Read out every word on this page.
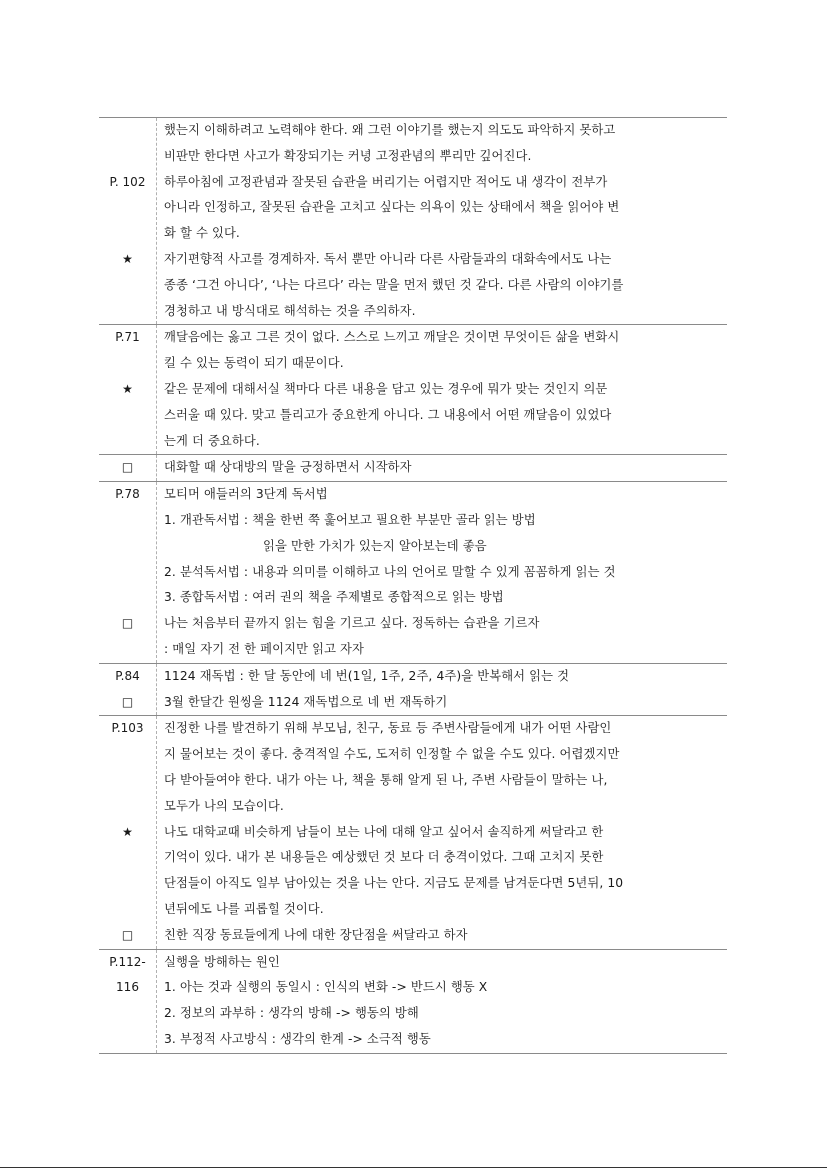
P. 102
★
했는지 이해하려고 노력해야 한다. 왜 그런 이야기를 했는지 의도도 파악하지 못하고
비판만 한다면 사고가 확장되기는 커녕 고정관념의 뿌리만 깊어진다.
하루아침에 고정관념과 잘못된 습관을 버리기는 어렵지만 적어도 내 생각이 전부가
아니라 인정하고, 잘못된 습관을 고치고 싶다는 의욕이 있는 상태에서 책을 읽어야 변
화 할 수 있다.
자기편향적 사고를 경계하자. 독서 뿐만 아니라 다른 사람들과의 대화속에서도 나는
종종 ‘그건 아니다’, ‘나는 다르다’ 라는 말을 먼저 했던 것 같다. 다른 사람의 이야기를
경청하고 내 방식대로 해석하는 것을 주의하자.
P.71
★
깨달음에는 옳고 그른 것이 없다. 스스로 느끼고 깨달은 것이면 무엇이든 삶을 변화시
킬 수 있는 동력이 되기 때문이다.
같은 문제에 대해서실 책마다 다른 내용을 담고 있는 경우에 뭐가 맞는 것인지 의문
스러울 때 있다. 맞고 틀리고가 중요한게 아니다. 그 내용에서 어떤 깨달음이 있었다
는게 더 중요하다.
□	대화할 때 상대방의 말을 긍정하면서 시작하자
P.78
□
모티머 애들러의 3단계 독서법
1. 개관독서법 : 책을 한번 쭉 훑어보고 필요한 부분만 골라 읽는 방법
읽을 만한 가치가 있는지 알아보는데 좋음
2. 분석독서법 : 내용과 의미를 이해하고 나의 언어로 말할 수 있게 꼼꼼하게 읽는 것
3. 종합독서법 : 여러 권의 책을 주제별로 종합적으로 읽는 방법
나는 처음부터 끝까지 읽는 힘을 기르고 싶다. 정독하는 습관을 기르자
: 매일 자기 전 한 페이지만 읽고 자자
P.84
□
1124 재독법 : 한 달 동안에 네 번(1일, 1주, 2주, 4주)을 반복해서 읽는 것
3월 한달간 원씽을 1124 재독법으로 네 번 재독하기
P.103
★
□
진정한 나를 발견하기 위해 부모님, 친구, 동료 등 주변사람들에게 내가 어떤 사람인
지 물어보는 것이 좋다. 충격적일 수도, 도저히 인정할 수 없을 수도 있다. 어렵겠지만
다 받아들여야 한다. 내가 아는 나, 책을 통해 알게 된 나, 주변 사람들이 말하는 나,
모두가 나의 모습이다.
나도 대학교때 비슷하게 남들이 보는 나에 대해 알고 싶어서 솔직하게 써달라고 한
기억이 있다. 내가 본 내용들은 예상했던 것 보다 더 충격이었다. 그때 고치지 못한
단점들이 아직도 일부 남아있는 것을 나는 안다. 지금도 문제를 남겨둔다면 5년뒤, 10
년뒤에도 나를 괴롭힐 것이다.
친한 직장 동료들에게 나에 대한 장단점을 써달라고 하자
P.112-
116
실행을 방해하는 원인
1. 아는 것과 실행의 동일시 : 인식의 변화 -> 반드시 행동 X
2. 정보의 과부하 : 생각의 방해 -> 행동의 방해
3. 부정적 사고방식 : 생각의 한계 -> 소극적 행동
